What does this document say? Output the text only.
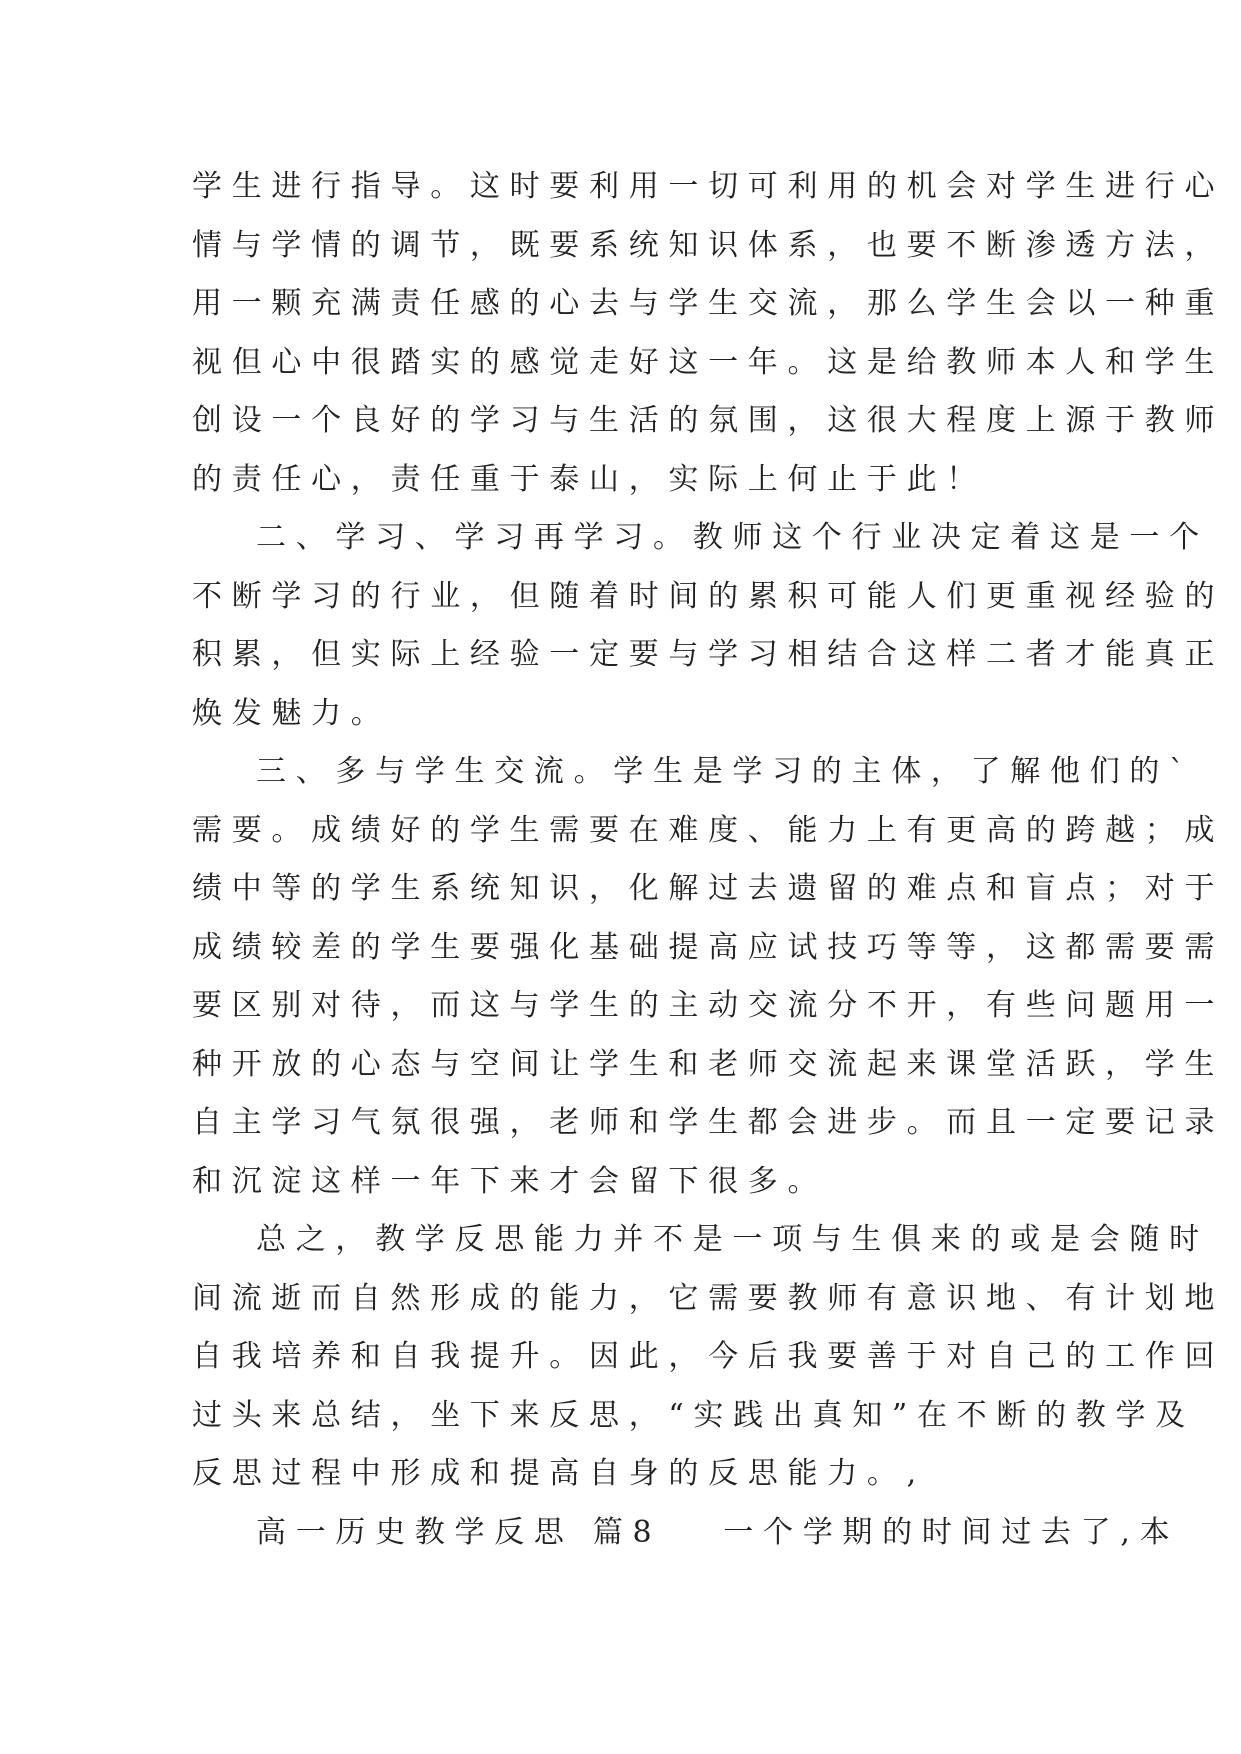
学生进行指导。这时要利用一切可利用的机会对学生进行心
情与学情的调节，既要系统知识体系，也要不断渗透方法，
用一颗充满责任感的心去与学生交流，那么学生会以一种重
视但心中很踏实的感觉走好这一年。这是给教师本人和学生
创设一个良好的学习与生活的氛围，这很大程度上源于教师
的责任心，责任重于泰山，实际上何止于此！
二、学习、学习再学习。教师这个行业决定着这是一个
不断学习的行业，但随着时间的累积可能人们更重视经验的
积累，但实际上经验一定要与学习相结合这样二者才能真正
焕发魅力。
三、多与学生交流。学生是学习的主体，了解他们的`
需要。成绩好的学生需要在难度、能力上有更高的跨越；成
绩中等的学生系统知识，化解过去遗留的难点和盲点；对于
成绩较差的学生要强化基础提高应试技巧等等，这都需要需
要区别对待，而这与学生的主动交流分不开，有些问题用一
种开放的心态与空间让学生和老师交流起来课堂活跃，学生
自主学习气氛很强，老师和学生都会进步。而且一定要记录
和沉淀这样一年下来才会留下很多。
总之，教学反思能力并不是一项与生俱来的或是会随时
间流逝而自然形成的能力，它需要教师有意识地、有计划地
自我培养和自我提升。因此，今后我要善于对自己的工作回
过头来总结，坐下来反思，“实践出真知”在不断的教学及
反思过程中形成和提高自身的反思能力。,
高一历史教学反思 篇8 一个学期的时间过去了,本
